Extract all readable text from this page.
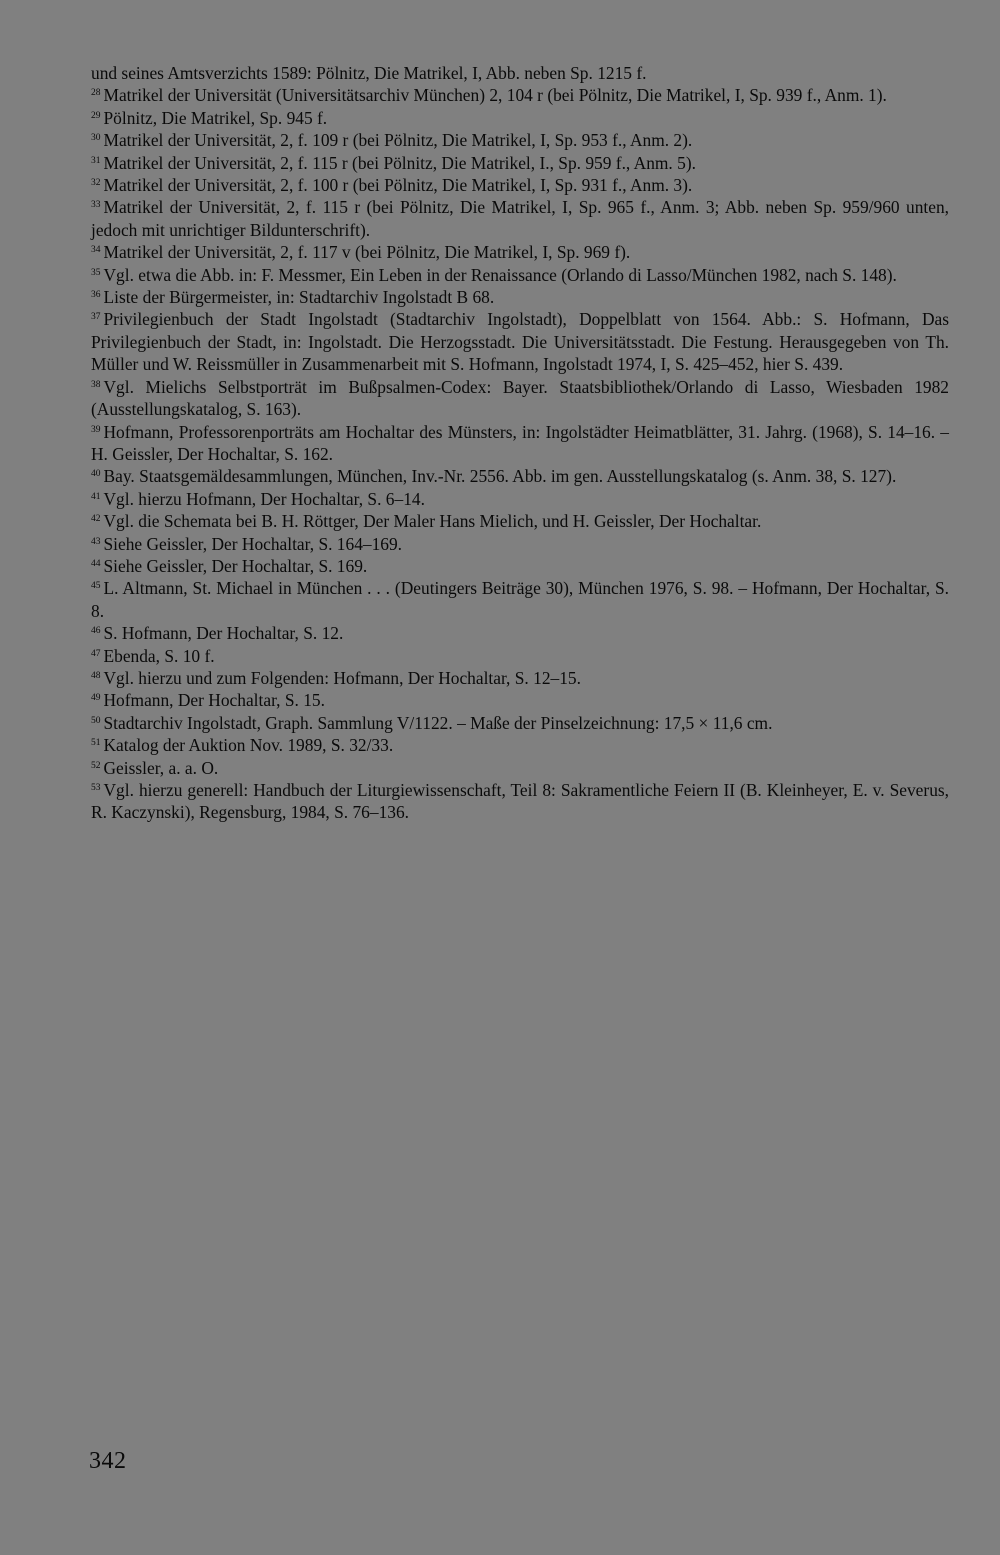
und seines Amtsverzichts 1589: Pölnitz, Die Matrikel, I, Abb. neben Sp. 1215 f.

$^{28}$ Matrikel der Universität (Universitätsarchiv München) 2, 104 r (bei Pölnitz, Die Matrikel, I, Sp. 939 f., Anm. 1).

$^{29}$ Pölnitz, Die Matrikel, Sp. 945 f.

$^{30}$ Matrikel der Universität, 2, f. 109 r (bei Pölnitz, Die Matrikel, I, Sp. 953 f., Anm. 2).

$^{31}$ Matrikel der Universität, 2, f. 115 r (bei Pölnitz, Die Matrikel, I., Sp. 959 f., Anm. 5).

$^{32}$ Matrikel der Universität, 2, f. 100 r (bei Pölnitz, Die Matrikel, I, Sp. 931 f., Anm. 3).

$^{33}$ Matrikel der Universität, 2, f. 115 r (bei Pölnitz, Die Matrikel, I, Sp. 965 f., Anm. 3; Abb. neben Sp. 959/960 unten, jedoch mit unrichtiger Bildunterschrift).

$^{34}$ Matrikel der Universität, 2, f. 117 v (bei Pölnitz, Die Matrikel, I, Sp. 969 f).

$^{35}$ Vgl. etwa die Abb. in: F. Messmer, Ein Leben in der Renaissance (Orlando di Lasso/München 1982, nach S. 148).

$^{36}$ Liste der Bürgermeister, in: Stadtarchiv Ingolstadt B 68.

$^{37}$ Privilegienbuch der Stadt Ingolstadt (Stadtarchiv Ingolstadt), Doppelblatt von 1564. Abb.: S. Hofmann, Das Privilegienbuch der Stadt, in: Ingolstadt. Die Herzogsstadt. Die Universitätsstadt. Die Festung. Herausgegeben von Th. Müller und W. Reissmüller in Zusammenarbeit mit S. Hofmann, Ingolstadt 1974, I, S. 425–452, hier S. 439.

$^{38}$ Vgl. Mielichs Selbstporträt im Bußpsalmen-Codex: Bayer. Staatsbibliothek/Orlando di Lasso, Wiesbaden 1982 (Ausstellungskatalog, S. 163).

$^{39}$ Hofmann, Professorenporträts am Hochaltar des Münsters, in: Ingolstädter Heimatblätter, 31. Jahrg. (1968), S. 14–16. – H. Geissler, Der Hochaltar, S. 162.

$^{40}$ Bay. Staatsgemäldesammlungen, München, Inv.-Nr. 2556. Abb. im gen. Ausstellungskatalog (s. Anm. 38, S. 127).

$^{41}$ Vgl. hierzu Hofmann, Der Hochaltar, S. 6–14.

$^{42}$ Vgl. die Schemata bei B. H. Röttger, Der Maler Hans Mielich, und H. Geissler, Der Hochaltar.

$^{43}$ Siehe Geissler, Der Hochaltar, S. 164–169.

$^{44}$ Siehe Geissler, Der Hochaltar, S. 169.

$^{45}$ L. Altmann, St. Michael in München . . . (Deutingers Beiträge 30), München 1976, S. 98. – Hofmann, Der Hochaltar, S. 8.

$^{46}$ S. Hofmann, Der Hochaltar, S. 12.

$^{47}$ Ebenda, S. 10 f.

$^{48}$ Vgl. hierzu und zum Folgenden: Hofmann, Der Hochaltar, S. 12–15.

$^{49}$ Hofmann, Der Hochaltar, S. 15.

$^{50}$ Stadtarchiv Ingolstadt, Graph. Sammlung V/1122. – Maße der Pinselzeichnung: 17,5 × 11,6 cm.

$^{51}$ Katalog der Auktion Nov. 1989, S. 32/33.

$^{52}$ Geissler, a. a. O.

$^{53}$ Vgl. hierzu generell: Handbuch der Liturgiewissenschaft, Teil 8: Sakramentliche Feiern II (B. Kleinheyer, E. v. Severus, R. Kaczynski), Regensburg, 1984, S. 76–136.

342
